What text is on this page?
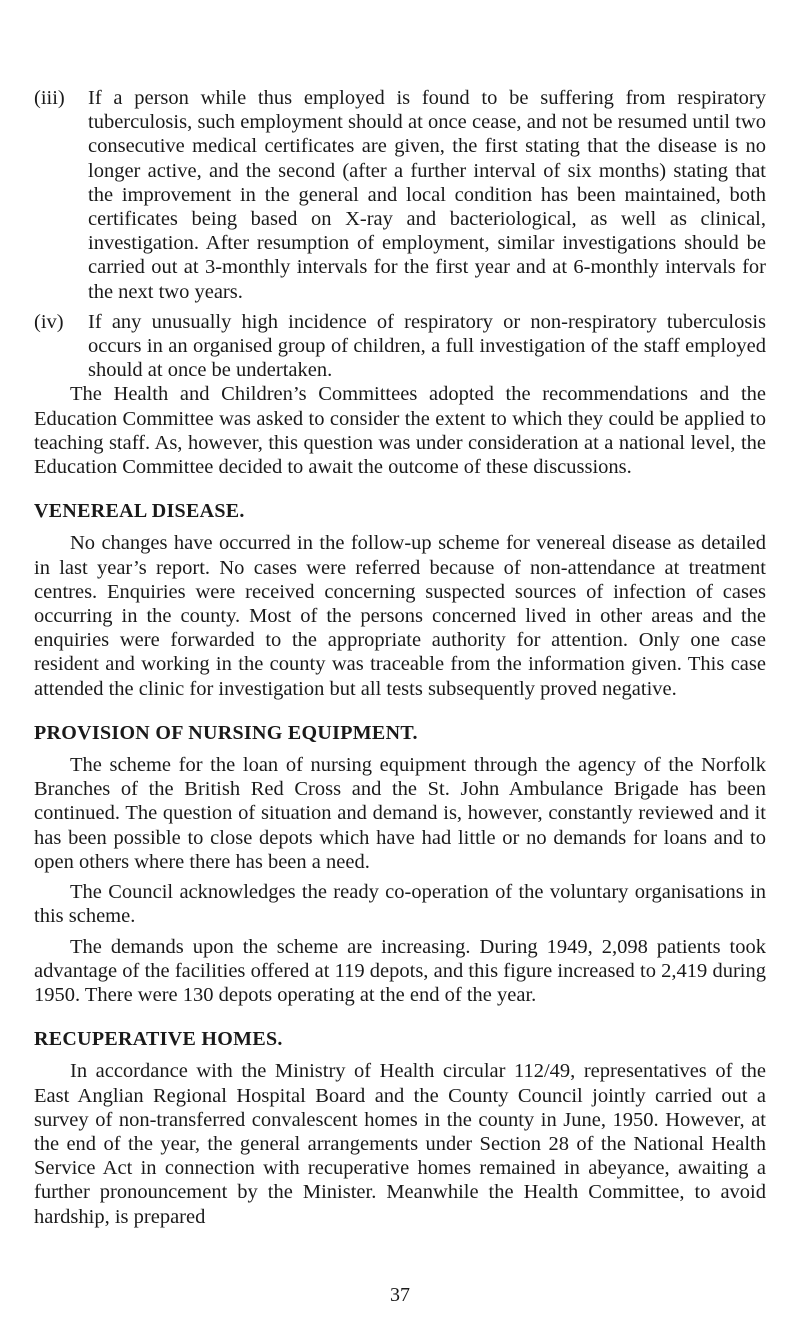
(iii) If a person while thus employed is found to be suffering from respiratory tuberculosis, such employment should at once cease, and not be resumed until two consecutive medical certificates are given, the first stating that the disease is no longer active, and the second (after a further interval of six months) stating that the improvement in the general and local condition has been maintained, both certificates being based on X-ray and bacteriological, as well as clinical, investigation. After resumption of employment, similar investigations should be carried out at 3-monthly intervals for the first year and at 6-monthly intervals for the next two years.
(iv) If any unusually high incidence of respiratory or non-respiratory tuberculosis occurs in an organised group of children, a full investigation of the staff employed should at once be undertaken.

The Health and Children’s Committees adopted the recommendations and the Education Committee was asked to consider the extent to which they could be applied to teaching staff. As, however, this question was under consideration at a national level, the Education Committee decided to await the outcome of these discussions.

VENEREAL DISEASE.

No changes have occurred in the follow-up scheme for venereal disease as detailed in last year’s report. No cases were referred because of non-attendance at treatment centres. Enquiries were received concerning suspected sources of infection of cases occurring in the county. Most of the persons concerned lived in other areas and the enquiries were forwarded to the appropriate authority for attention. Only one case resident and working in the county was traceable from the information given. This case attended the clinic for investigation but all tests subsequently proved negative.

PROVISION OF NURSING EQUIPMENT.

The scheme for the loan of nursing equipment through the agency of the Norfolk Branches of the British Red Cross and the St. John Ambulance Brigade has been continued. The question of situation and demand is, however, constantly reviewed and it has been possible to close depots which have had little or no demands for loans and to open others where there has been a need.

The Council acknowledges the ready co-operation of the voluntary organisations in this scheme.

The demands upon the scheme are increasing. During 1949, 2,098 patients took advantage of the facilities offered at 119 depots, and this figure increased to 2,419 during 1950. There were 130 depots operating at the end of the year.

RECUPERATIVE HOMES.

In accordance with the Ministry of Health circular 112/49, representatives of the East Anglian Regional Hospital Board and the County Council jointly carried out a survey of non-transferred convalescent homes in the county in June, 1950. However, at the end of the year, the general arrangements under Section 28 of the National Health Service Act in connection with recuperative homes remained in abeyance, awaiting a further pronouncement by the Minister. Meanwhile the Health Committee, to avoid hardship, is prepared

37
